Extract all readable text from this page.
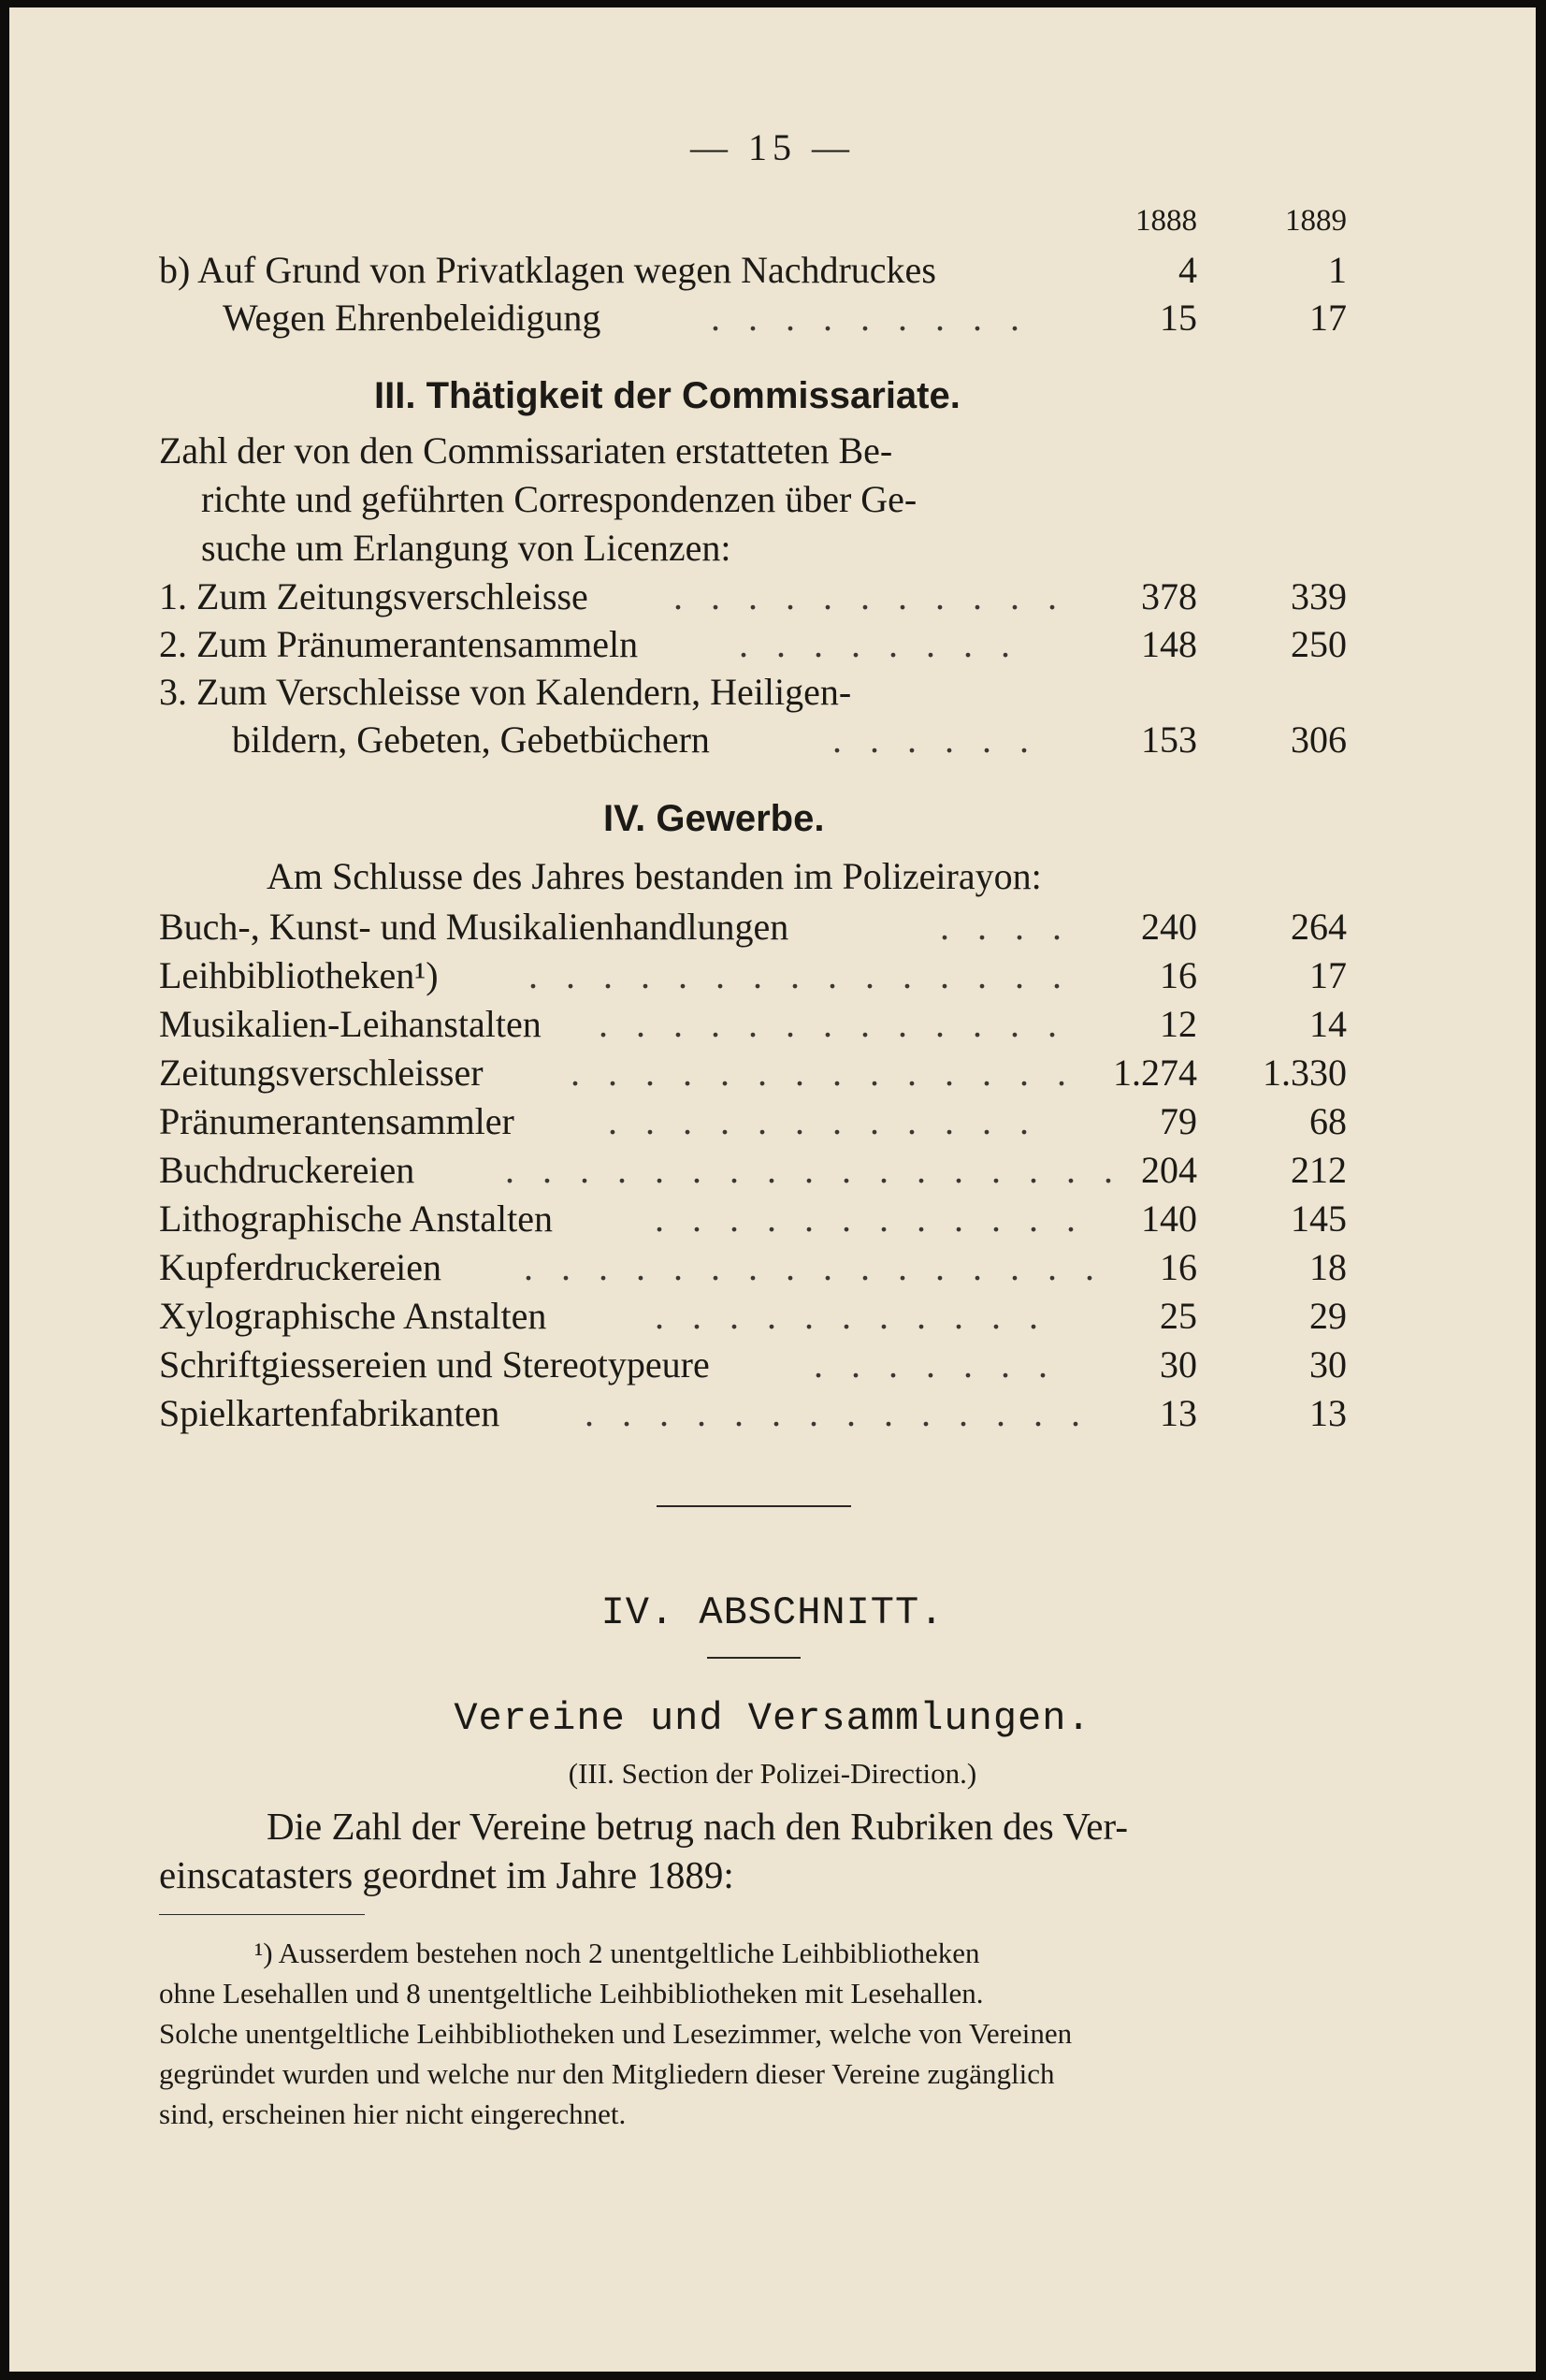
— 15 —
1888	1889
b) Auf Grund von Privatklagen wegen Nachdruckes	4	1
Wegen Ehrenbeleidigung	. . . . . . . . .	15	17
III. Thätigkeit der Commissariate.
Zahl der von den Commissariaten erstatteten Be-
richte und geführten Correspondenzen über Ge-
suche um Erlangung von Licenzen:
1. Zum Zeitungsverschleisse . . . . . . . . . . .	378	339
2. Zum Pränumerantensammeln	. . . . . . . .	148	250
3. Zum Verschleisse von Kalendern, Heiligen-
bildern, Gebeten, Gebetbüchern	. . . . . .	153	306
IV. Gewerbe.
Am Schlusse des Jahres bestanden im Polizeirayon:
Buch-, Kunst- und Musikalienhandlungen	. . . .	240	264
Leihbibliotheken¹) . . . . . . . . . . . . . . .	16	17
Musikalien-Leihanstalten . . . . . . . . . . . . .	12	14
Zeitungsverschleisser . . . . . . . . . . . . . .	1.274	1.330
Pränumerantensammler	. . . . . . . . . . . .	79	68
Buchdruckereien . . . . . . . . . . . . . . . . . 204	212
Lithographische Anstalten	. . . . . . . . . . . .	140	145
Kupferdruckereien . . . . . . . . . . . . . . . .	16	18
Xylographische Anstalten	. . . . . . . . . . .	25	29
Schriftgiessereien und Stereotypeure	. . . . . . .	30	30
Spielkartenfabrikanten . . . . . . . . . . . . . .	13	13
IV. ABSCHNITT.
Vereine und Versammlungen.
(III. Section der Polizei-Direction.)
Die Zahl der Vereine betrug nach den Rubriken des Ver-
einscatasters geordnet im Jahre 1889:
¹) Ausserdem bestehen noch 2 unentgeltliche Leihbibliotheken
ohne Lesehallen und 8 unentgeltliche Leihbibliotheken mit Lesehallen.
Solche unentgeltliche Leihbibliotheken und Lesezimmer, welche von Vereinen
gegründet wurden und welche nur den Mitgliedern dieser Vereine zugänglich
sind, erscheinen hier nicht eingerechnet.
